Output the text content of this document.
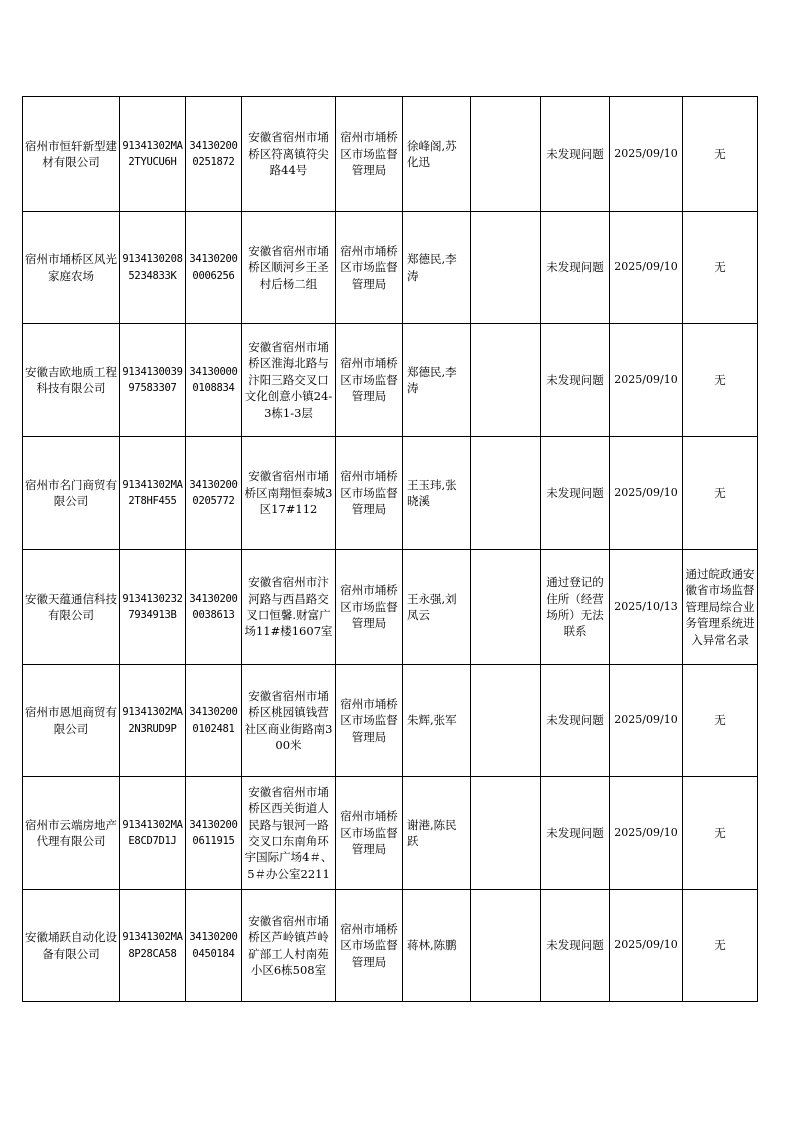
宿州市恒轩新型建材有限公司	91341302MA2TYUCU6H	341302000251872	安徽省宿州市埇桥区符离镇符尖路44号	宿州市埇桥区市场监督管理局	徐峰阁,苏化迅		未发现问题	2025/09/10	无
宿州市埇桥区风光家庭农场	91341302085234833K	341302000006256	安徽省宿州市埇桥区顺河乡王圣村后杨二组	宿州市埇桥区市场监督管理局	郑德民,李涛		未发现问题	2025/09/10	无
安徽吉欧地质工程科技有限公司	913413003997583307	341300000108834	安徽省宿州市埇桥区淮海北路与汴阳三路交叉口文化创意小镇24-3栋1-3层	宿州市埇桥区市场监督管理局	郑德民,李涛		未发现问题	2025/09/10	无
宿州市名门商贸有限公司	91341302MA2T8HF455	341302000205772	安徽省宿州市埇桥区南翔恒泰城3区17#112	宿州市埇桥区市场监督管理局	王玉玮,张晓溪		未发现问题	2025/09/10	无
安徽天蕴通信科技有限公司	91341302327934913B	341302000038613	安徽省宿州市汴河路与西昌路交叉口恒馨.财富广场11#楼1607室	宿州市埇桥区市场监督管理局	王永强,刘凤云		通过登记的住所（经营场所）无法联系	2025/10/13	通过皖政通安徽省市场监督管理局综合业务管理系统进入异常名录
宿州市恩旭商贸有限公司	91341302MA2N3RUD9P	341302000102481	安徽省宿州市埇桥区桃园镇钱营社区商业街路南300米	宿州市埇桥区市场监督管理局	朱辉,张军		未发现问题	2025/09/10	无
宿州市云端房地产代理有限公司	91341302MAE8CD7D1J	341302000611915	安徽省宿州市埇桥区西关街道人民路与银河一路交叉口东南角环宇国际广场4＃、5＃办公室2211	宿州市埇桥区市场监督管理局	谢港,陈民跃		未发现问题	2025/09/10	无
安徽埇跃自动化设备有限公司	91341302MA8P28CA58	341302000450184	安徽省宿州市埇桥区芦岭镇芦岭矿部工人村南苑小区6栋508室	宿州市埇桥区市场监督管理局	蒋林,陈鹏		未发现问题	2025/09/10	无
